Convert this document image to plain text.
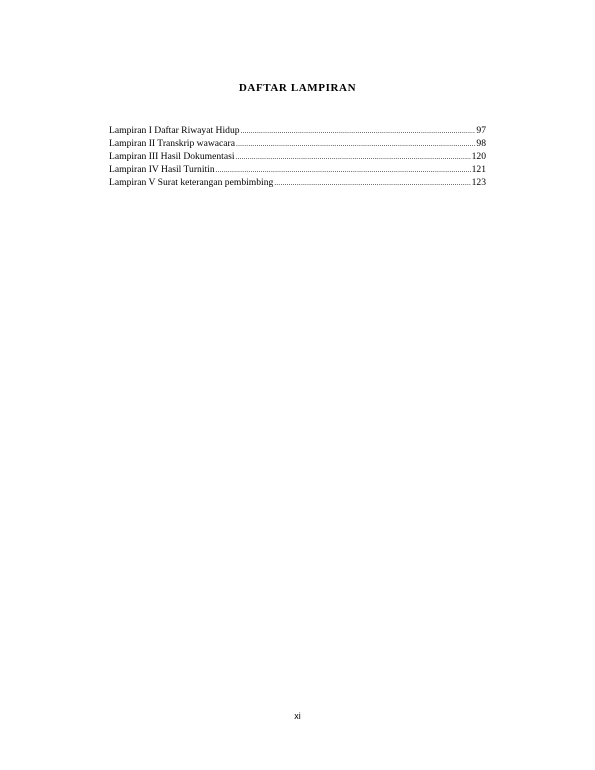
DAFTAR LAMPIRAN
Lampiran I Daftar Riwayat Hidup .....	97
Lampiran II Transkrip wawacara .....	98
Lampiran III Hasil Dokumentasi .....	120
Lampiran IV Hasil Turnitin .....	121
Lampiran V Surat keterangan pembimbing .....	123
xi
